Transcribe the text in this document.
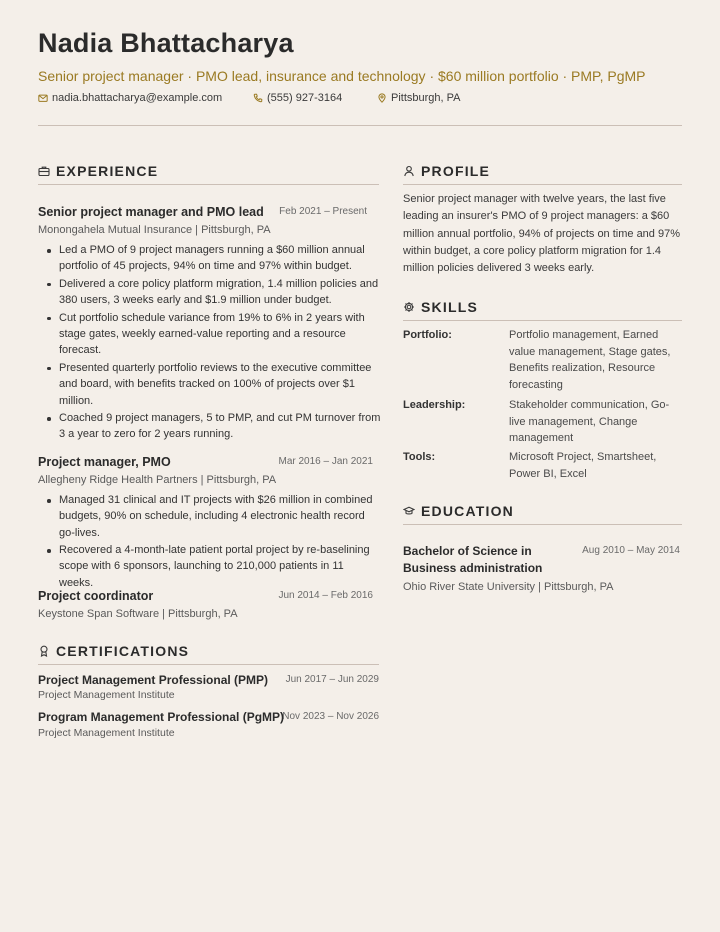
Nadia Bhattacharya
Senior project manager · PMO lead, insurance and technology · $60 million portfolio · PMP, PgMP
nadia.bhattacharya@example.com	(555) 927-3164	Pittsburgh, PA
EXPERIENCE
Senior project manager and PMO lead Feb 2021 – Present
Monongahela Mutual Insurance | Pittsburgh, PA
Led a PMO of 9 project managers running a $60 million annual portfolio of 45 projects, 94% on time and 97% within budget.
Delivered a core policy platform migration, 1.4 million policies and 380 users, 3 weeks early and $1.9 million under budget.
Cut portfolio schedule variance from 19% to 6% in 2 years with stage gates, weekly earned-value reporting and a resource forecast.
Presented quarterly portfolio reviews to the executive committee and board, with benefits tracked on 100% of projects over $1 million.
Coached 9 project managers, 5 to PMP, and cut PM turnover from 3 a year to zero for 2 years running.
Project manager, PMO	Mar 2016 – Jan 2021
Allegheny Ridge Health Partners | Pittsburgh, PA
Managed 31 clinical and IT projects with $26 million in combined budgets, 90% on schedule, including 4 electronic health record go-lives.
Recovered a 4-month-late patient portal project by re-baselining scope with 6 sponsors, launching to 210,000 patients in 11 weeks.
Project coordinator	Jun 2014 – Feb 2016
Keystone Span Software | Pittsburgh, PA
CERTIFICATIONS
Project Management Professional (PMP) Jun 2017 – Jun 2029
Project Management Institute
Program Management Professional (PgMP)
Nov 2023 – Nov 2026
Project Management Institute
PROFILE
Senior project manager with twelve years, the last five leading an insurer's PMO of 9 project managers: a $60 million annual portfolio, 94% of projects on time and 97% within budget, a core policy platform migration for 1.4 million policies delivered 3 weeks early.
SKILLS
Portfolio:	Portfolio management, Earned value management, Stage gates, Benefits realization, Resource forecasting
Leadership:	Stakeholder communication, Go-live management, Change management
Tools:	Microsoft Project, Smartsheet, Power BI, Excel
EDUCATION
Bachelor of Science in Business administration
Aug 2010 – May 2014
Ohio River State University | Pittsburgh, PA
